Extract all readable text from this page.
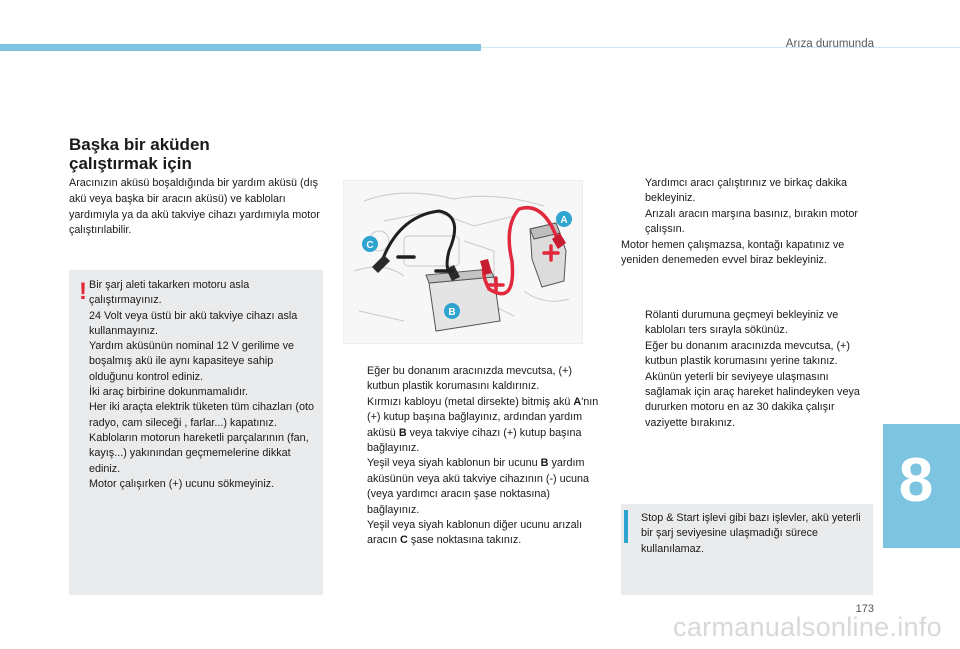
Arıza durumunda
Başka bir aküden
çalıştırmak için

Aracınızın aküsü boşaldığında bir yardım aküsü (dış akü veya başka bir aracın aküsü) ve kabloları yardımıyla ya da akü takviye cihazı yardımıyla motor çalıştırılabilir.

! Bir şarj aleti takarken motoru asla çalıştırmayınız.

24 Volt veya üstü bir akü takviye cihazı asla kullanmayınız.

Yardım aküsünün nominal 12 V gerilime ve boşalmış akü ile aynı kapasiteye sahip olduğunu kontrol ediniz.

İki araç birbirine dokunmamalıdır.

Her iki araçta elektrik tüketen tüm cihazları (oto radyo, cam sileceği , farlar...) kapatınız.

Kabloların motorun hareketli parçalarının (fan, kayış...) yakınından geçmemelerine dikkat ediniz.

Motor çalışırken (+) ucunu sökmeyiniz.

A
B
C

Eğer bu donanım aracınızda mevcutsa, (+) kutbun plastik korumasını kaldırınız.

Kırmızı kabloyu (metal dirsekte) bitmiş akü A'nın (+) kutup başına bağlayınız, ardından yardım aküsü B veya takviye cihazı (+) kutup başına bağlayınız.

Yeşil veya siyah kablonun bir ucunu B yardım aküsünün veya akü takviye cihazının (-) ucuna (veya yardımcı aracın şase noktasına) bağlayınız.

Yeşil veya siyah kablonun diğer ucunu arızalı aracın C şase noktasına takınız.

Yardımcı aracı çalıştırınız ve birkaç dakika bekleyiniz.

Arızalı aracın marşına basınız, bırakın motor çalışsın.

Motor hemen çalışmazsa, kontağı kapatınız ve yeniden denemeden evvel biraz bekleyiniz.

Rölanti durumuna geçmeyi bekleyiniz ve kabloları ters sırayla sökünüz.

Eğer bu donanım aracınızda mevcutsa, (+) kutbun plastik korumasını yerine takınız.

Akünün yeterli bir seviyeye ulaşmasını sağlamak için araç hareket halindeyken veya dururken motoru en az 30 dakika çalışır vaziyette bırakınız.

Stop & Start işlevi gibi bazı işlevler, akü yeterli bir şarj seviyesine ulaşmadığı sürece kullanılamaz.

8
173
carmanualsonline.info
